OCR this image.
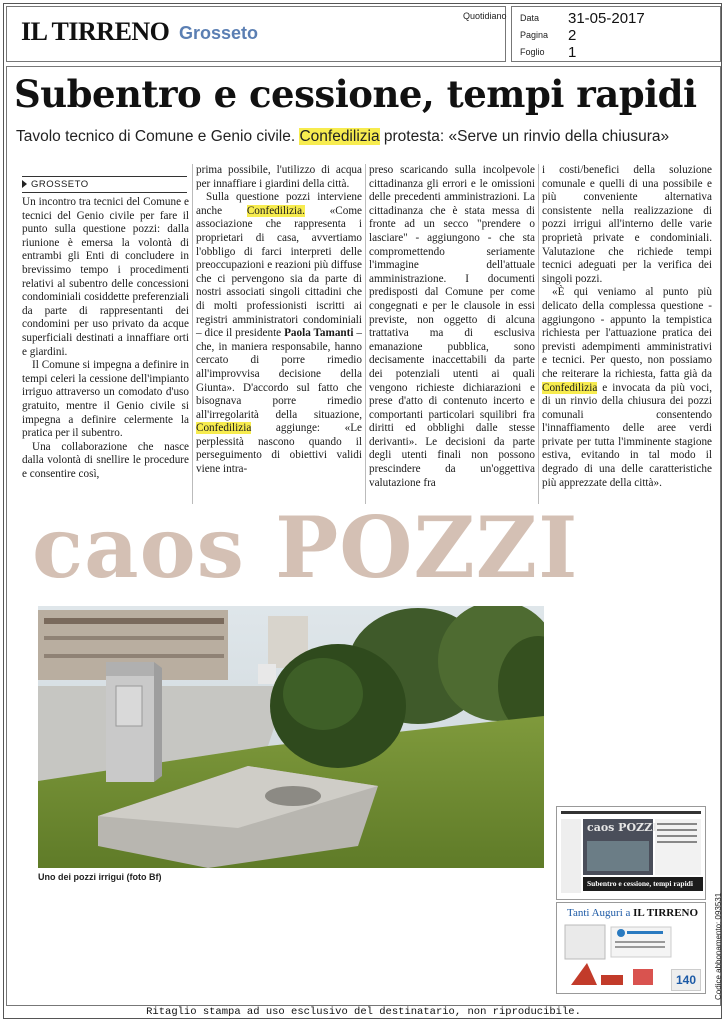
IL TIRRENO Grosseto
Quotidiano Data 31-05-2017
Pagina 2
Foglio 1
Subentro e cessione, tempi rapidi
Tavolo tecnico di Comune e Genio civile. Confedilizia protesta: «Serve un rinvio della chiusura»
GROSSETO

Un incontro tra tecnici del Comune e tecnici del Genio civile per fare il punto sulla questione pozzi: dalla riunione è emersa la volontà di entrambi gli Enti di concludere in brevissimo tempo i procedimenti relativi al subentro delle concessioni condominiali cosiddette preferenziali da parte di rappresentanti dei condomini per uso privato da acque superficiali destinati a innaffiare orti e giardini.

Il Comune si impegna a definire in tempi celeri la cessione dell'impianto irriguo attraverso un comodato d'uso gratuito, mentre il Genio civile si impegna a definire celermente la pratica per il subentro.

Una collaborazione che nasce dalla volontà di snellire le procedure e consentire così,

prima possibile, l'utilizzo di acqua per innaffiare i giardini della città.

Sulla questione pozzi interviene anche Confedilizia. «Come associazione che rappresenta i proprietari di casa, avvertiamo l'obbligo di farci interpreti delle preoccupazioni e reazioni più diffuse che ci pervengono sia da parte di nostri associati singoli cittadini che di molti professionisti iscritti ai registri amministratori condominiali – dice il presidente Paola Tamanti – che, in maniera responsabile, hanno cercato di porre rimedio all'improvvisa decisione della Giunta». D'accordo sul fatto che bisognava porre rimedio all'irregolarità della situazione, Confedilizia aggiunge: «Le perplessità nascono quando il perseguimento di obiettivi validi viene intra-

preso scaricando sulla incolpevole cittadinanza gli errori e le omissioni delle precedenti amministrazioni. La cittadinanza che è stata messa di fronte ad un secco "prendere o lasciare" - aggiungono - che sta compromettendo seriamente l'immagine dell'attuale amministrazione. I documenti predisposti dal Comune per come congegnati e per le clausole in essi previste, non oggetto di alcuna trattativa ma di esclusiva emanazione pubblica, sono decisamente inaccettabili da parte dei potenziali utenti ai quali vengono richieste dichiarazioni e prese d'atto di contenuto incerto e comportanti particolari squilibri fra diritti ed obblighi dalle stesse derivanti». Le decisioni da parte degli utenti finali non possono prescindere da un'oggettiva valutazione fra

i costi/benefici della soluzione comunale e quelli di una possibile e più conveniente alternativa consistente nella realizzazione di pozzi irrigui all'interno delle varie proprietà private e condominiali. Valutazione che richiede tempi tecnici adeguati per la verifica dei singoli pozzi.

«È qui veniamo al punto più delicato della complessa questione - aggiungono - appunto la tempistica richiesta per l'attuazione pratica dei previsti adempimenti amministrativi e tecnici. Per questo, non possiamo che reiterare la richiesta, fatta già da Confedilizia e invocata da più voci, di un rinvio della chiusura dei pozzi comunali consentendo l'innaffiamento delle aree verdi private per tutta l'imminente stagione estiva, evitando in tal modo il degrado di una delle caratteristiche più apprezzate della città».

caos POZZI
Uno dei pozzi irrigui (foto Bf)
caos POZZI
Subentro e cessione, tempi rapidi
Tanti Auguri a IL TIRRENO
140	Codice abbonamento: 093531
Ritaglio stampa ad uso esclusivo del destinatario, non riproducibile.
